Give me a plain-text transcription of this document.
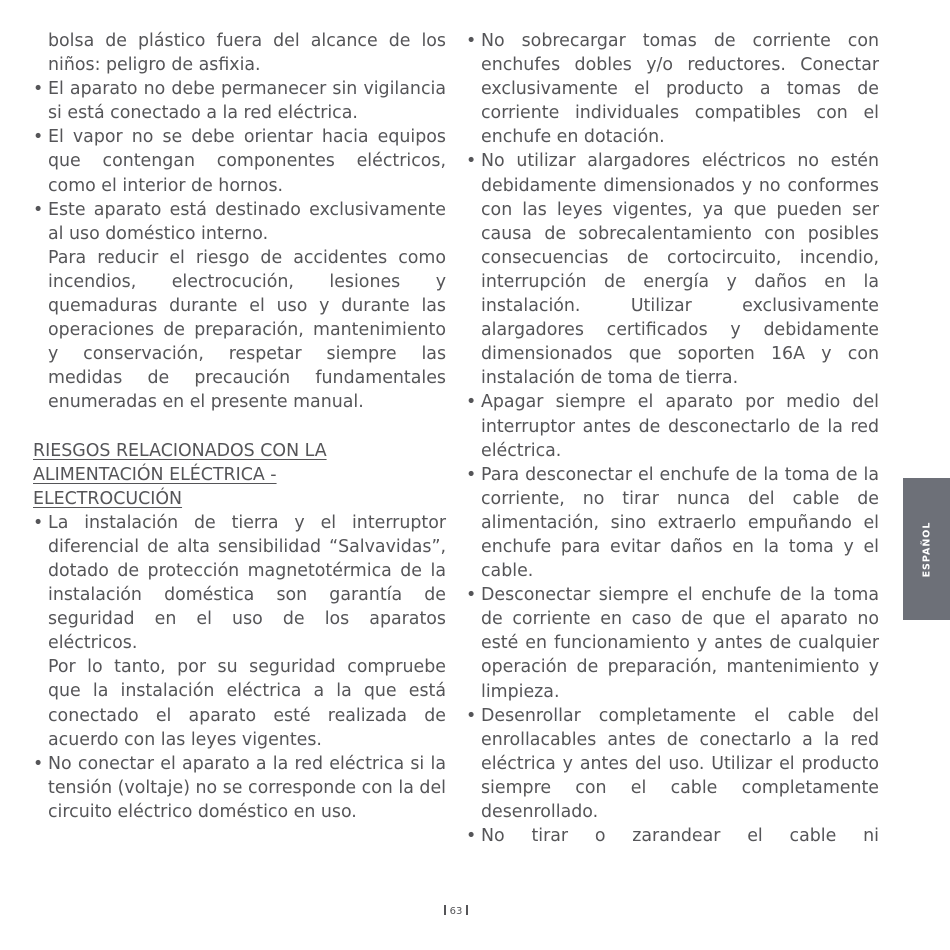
bolsa de plástico fuera del alcance de los niños: peligro de asfixia.

• El aparato no debe permanecer sin vigilancia si está conectado a la red eléctrica.

• El vapor no se debe orientar hacia equipos que contengan componentes eléctricos, como el interior de hornos.

• Este aparato está destinado exclusivamente al uso doméstico interno.

Para reducir el riesgo de accidentes como incendios, electrocución, lesiones y quemaduras durante el uso y durante las operaciones de preparación, mantenimiento y conservación, respetar siempre las medidas de precaución fundamentales enumeradas en el presente manual.

RIESGOS RELACIONADOS CON LA ALIMENTACIÓN ELÉCTRICA - ELECTROCUCIÓN

• La instalación de tierra y el interruptor diferencial de alta sensibilidad “Salvavidas”, dotado de protección magnetotérmica de la instalación doméstica son garantía de seguridad en el uso de los aparatos eléctricos.

Por lo tanto, por su seguridad compruebe que la instalación eléctrica a la que está conectado el aparato esté realizada de acuerdo con las leyes vigentes.

• No conectar el aparato a la red eléctrica si la tensión (voltaje) no se corresponde con la del circuito eléctrico doméstico en uso.

• No sobrecargar tomas de corriente con enchufes dobles y/o reductores. Conectar exclusivamente el producto a tomas de corriente individuales compatibles con el enchufe en dotación.

• No utilizar alargadores eléctricos no estén debidamente dimensionados y no conformes con las leyes vigentes, ya que pueden ser causa de sobrecalentamiento con posibles consecuencias de cortocircuito, incendio, interrupción de energía y daños en la instalación. Utilizar exclusivamente alargadores certificados y debidamente dimensionados que soporten 16A y con instalación de toma de tierra.

• Apagar siempre el aparato por medio del interruptor antes de desconectarlo de la red eléctrica.

• Para desconectar el enchufe de la toma de la corriente, no tirar nunca del cable de alimentación, sino extraerlo empuñando el enchufe para evitar daños en la toma y el cable.

• Desconectar siempre el enchufe de la toma de corriente en caso de que el aparato no esté en funcionamiento y antes de cualquier operación de preparación, mantenimiento y limpieza.

• Desenrollar completamente el cable del enrollacables antes de conectarlo a la red eléctrica y antes del uso. Utilizar el producto siempre con el cable completamente desenrollado.

• No tirar o zarandear el cable ni

ESPAÑOL
63
